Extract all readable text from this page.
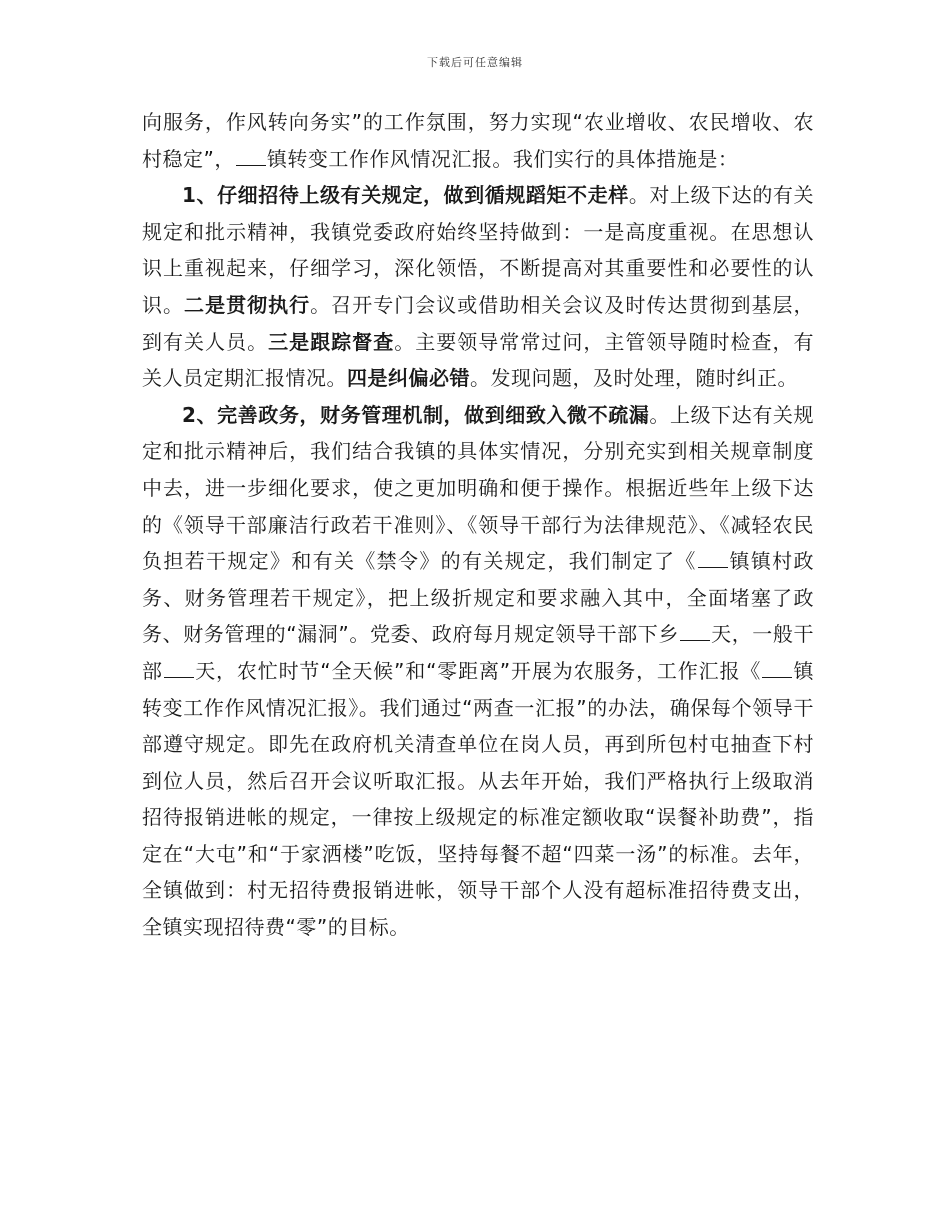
下载后可任意编辑

向服务，作风转向务实”的工作氛围，努力实现“农业增收、农民增收、农村稳定”， 镇转变工作作风情况汇报。我们实行的具体措施是：

1、仔细招待上级有关规定，做到循规蹈矩不走样。对上级下达的有关规定和批示精神，我镇党委政府始终坚持做到：一是高度重视。在思想认识上重视起来，仔细学习，深化领悟，不断提高对其重要性和必要性的认识。二是贯彻执行。召开专门会议或借助相关会议及时传达贯彻到基层，到有关人员。三是跟踪督查。主要领导常常过问，主管领导随时检查，有关人员定期汇报情况。四是纠偏必错。发现问题，及时处理，随时纠正。

2、完善政务，财务管理机制，做到细致入微不疏漏。上级下达有关规定和批示精神后，我们结合我镇的具体实情况，分别充实到相关规章制度中去，进一步细化要求，使之更加明确和便于操作。根据近些年上级下达的《领导干部廉洁行政若干准则》、《领导干部行为法律规范》、《减轻农民负担若干规定》和有关《禁令》的有关规定，我们制定了《 镇镇村政务、财务管理若干规定》，把上级折规定和要求融入其中，全面堵塞了政务、财务管理的“漏洞”。党委、政府每月规定领导干部下乡 天，一般干部 天，农忙时节“全天候”和“零距离”开展为农服务，工作汇报《 镇转变工作作风情况汇报》。我们通过“两查一汇报”的办法，确保每个领导干部遵守规定。即先在政府机关清查单位在岗人员，再到所包村屯抽查下村到位人员，然后召开会议听取汇报。从去年开始，我们严格执行上级取消招待报销进帐的规定，一律按上级规定的标准定额收取“误餐补助费”，指定在“大屯”和“于家洒楼”吃饭，坚持每餐不超“四菜一汤”的标准。去年，全镇做到：村无招待费报销进帐，领导干部个人没有超标准招待费支出，全镇实现招待费“零”的目标。
